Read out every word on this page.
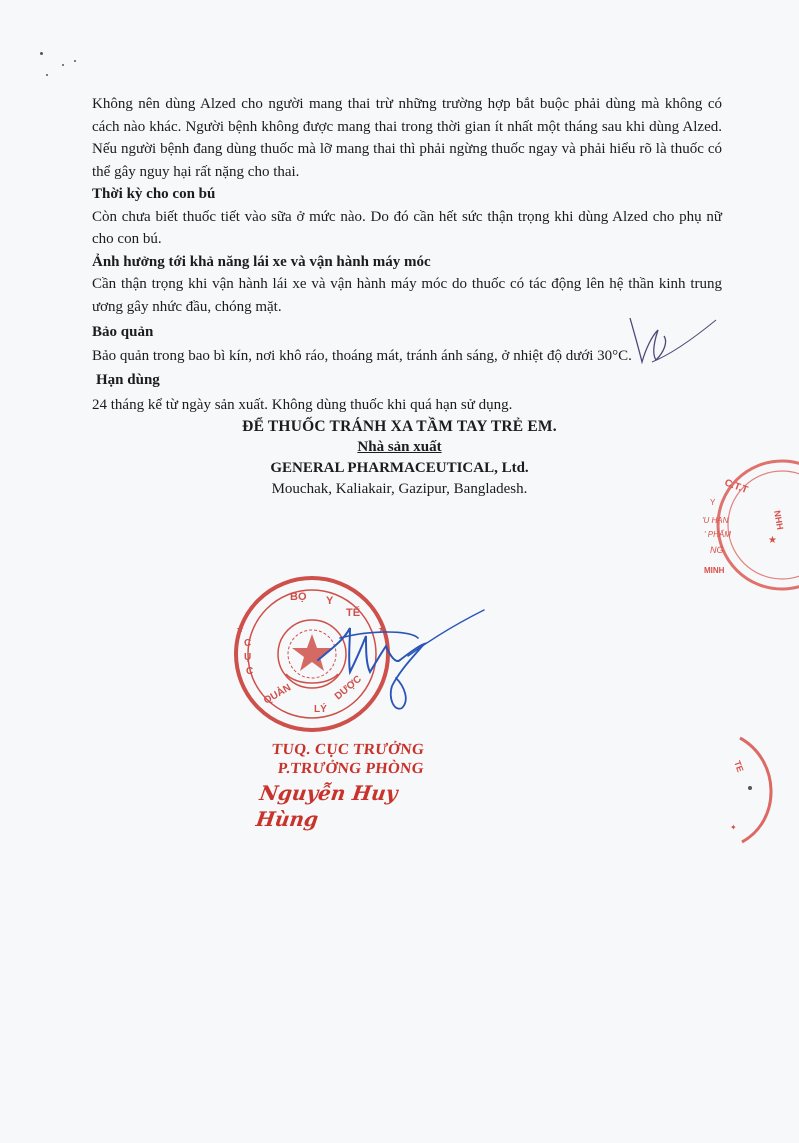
Không nên dùng Alzed cho người mang thai trừ những trường hợp bắt buộc phải dùng mà không có cách nào khác. Người bệnh không được mang thai trong thời gian ít nhất một tháng sau khi dùng Alzed. Nếu người bệnh đang dùng thuốc mà lỡ mang thai thì phải ngừng thuốc ngay và phải hiểu rõ là thuốc có thể gây nguy hại rất nặng cho thai.

Thời kỳ cho con bú

Còn chưa biết thuốc tiết vào sữa ở mức nào. Do đó cần hết sức thận trọng khi dùng Alzed cho phụ nữ cho con bú.

Ảnh hưởng tới khả năng lái xe và vận hành máy móc

Cần thận trọng khi vận hành lái xe và vận hành máy móc do thuốc có tác động lên hệ thần kinh trung ương gây nhức đầu, chóng mặt.

Bảo quản

Bảo quản trong bao bì kín, nơi khô ráo, thoáng mát, tránh ánh sáng, ở nhiệt độ dưới 30°C.

Hạn dùng

24 tháng kể từ ngày sản xuất. Không dùng thuốc khi quá hạn sử dụng.

ĐỂ THUỐC TRÁNH XA TẦM TAY TRẺ EM.
Nhà sản xuất
GENERAL PHARMACEUTICAL, Ltd.
Mouchak, Kaliakair, Gazipur, Bangladesh.	C.T.T
NHH
Y
'U HẠN
' PHẨM
NG
MINH
★
BỘ Y
TẾ
C
Ụ
C
QUẢN
LÝ
DƯỢC
★	★
TUQ. CỤC TRƯỞNG
P.TRƯỞNG PHÒNG
Nguyễn Huy Hùng
TE
✦
